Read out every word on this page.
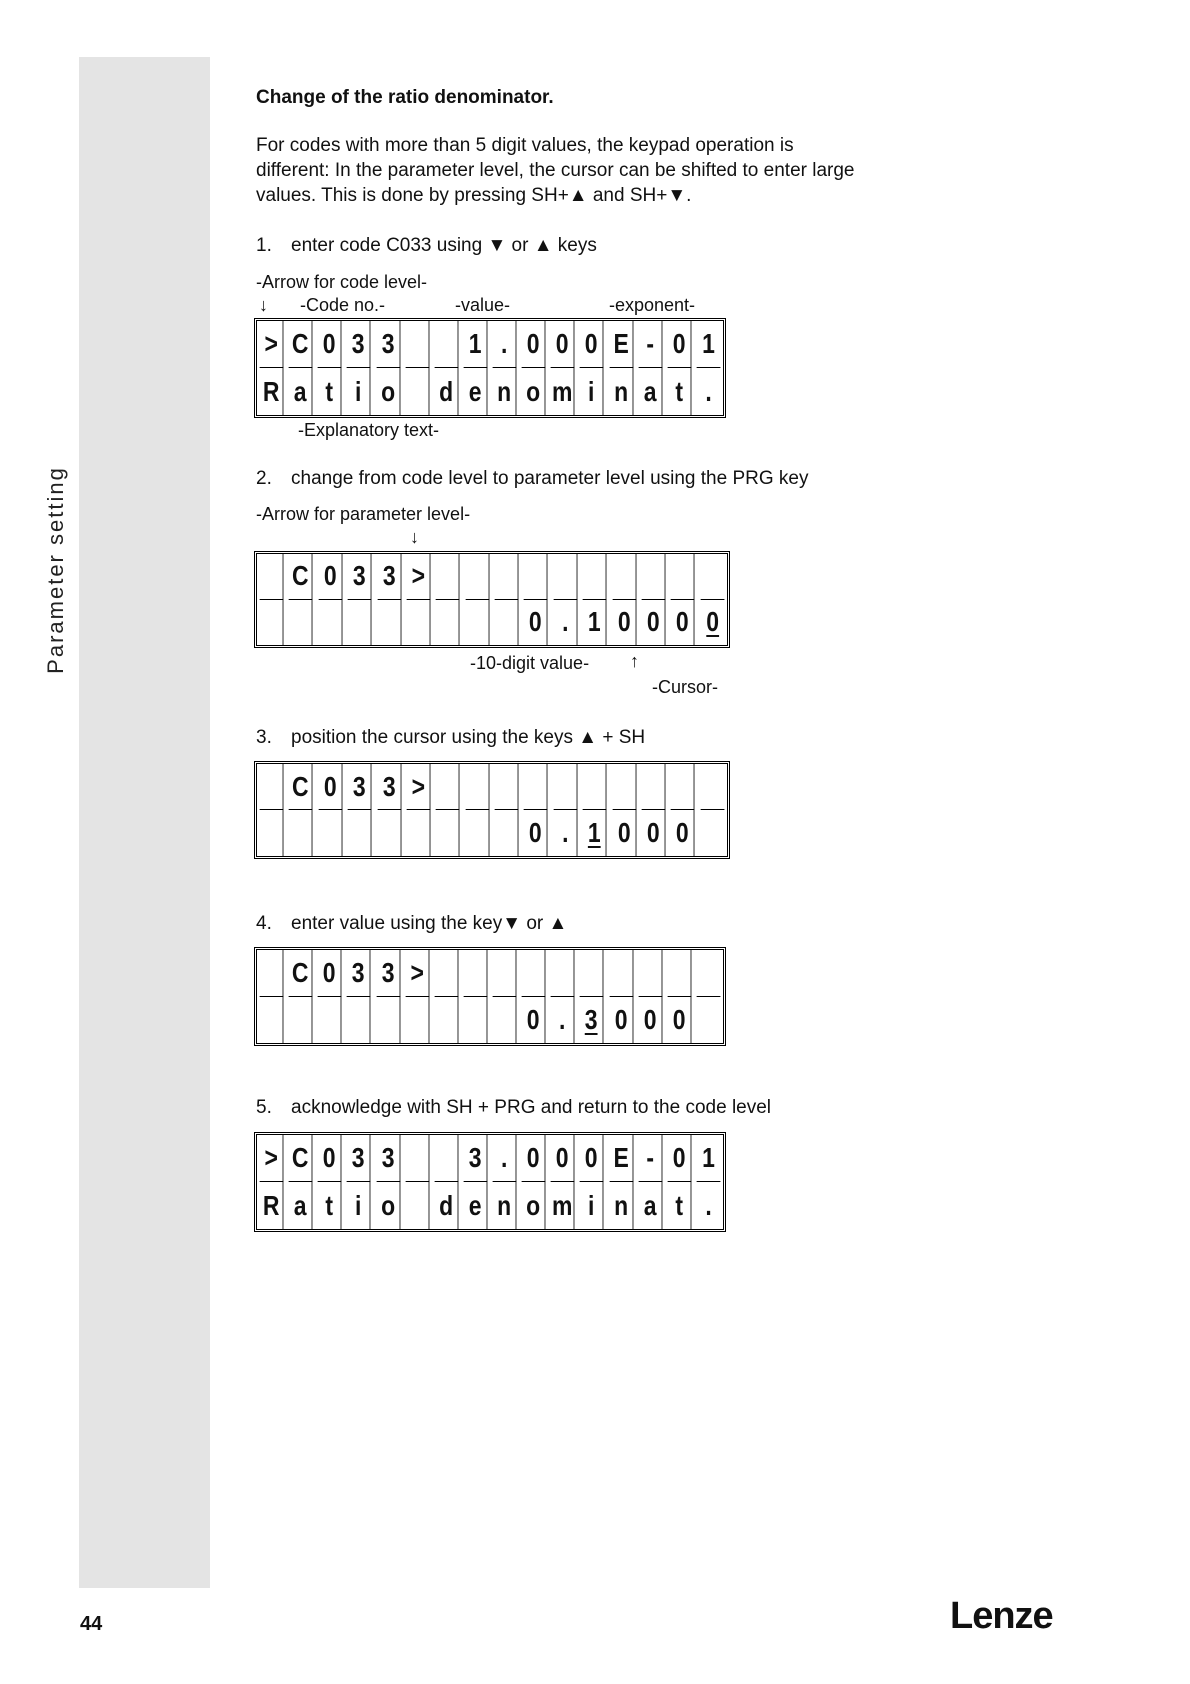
Parameter setting
Change of the ratio denominator.
For codes with more than 5 digit values, the keypad operation is different: In the parameter level, the cursor can be shifted to enter large values. This is done by pressing SH+▲ and SH+▼.
1. enter code C033 using ▼ or ▲ keys
-Arrow for code level-
↓ -Code no.-	-value-	-exponent-
> C 0 3 3	1 . 0 0 0 E - 0 1
R a t i o d e n o m i n a t .
-Explanatory text-
2. change from code level to parameter level using the PRG key
-Arrow for parameter level-
↓
C 0 3 3 >
0 . 1 0 0 0 0
-10-digit value- ↑
-Cursor-
3. position the cursor using the keys ▲ + SH
C 0 3 3 >
0 . 1 0 0 0
4. enter value using the key▼ or ▲
C 0 3 3 >
0 . 3 0 0 0
5. acknowledge with SH + PRG and return to the code level
> C 0 3 3	3 . 0 0 0 E - 0 1
R a t i o d e n o m i n a t .
44	Lenze
